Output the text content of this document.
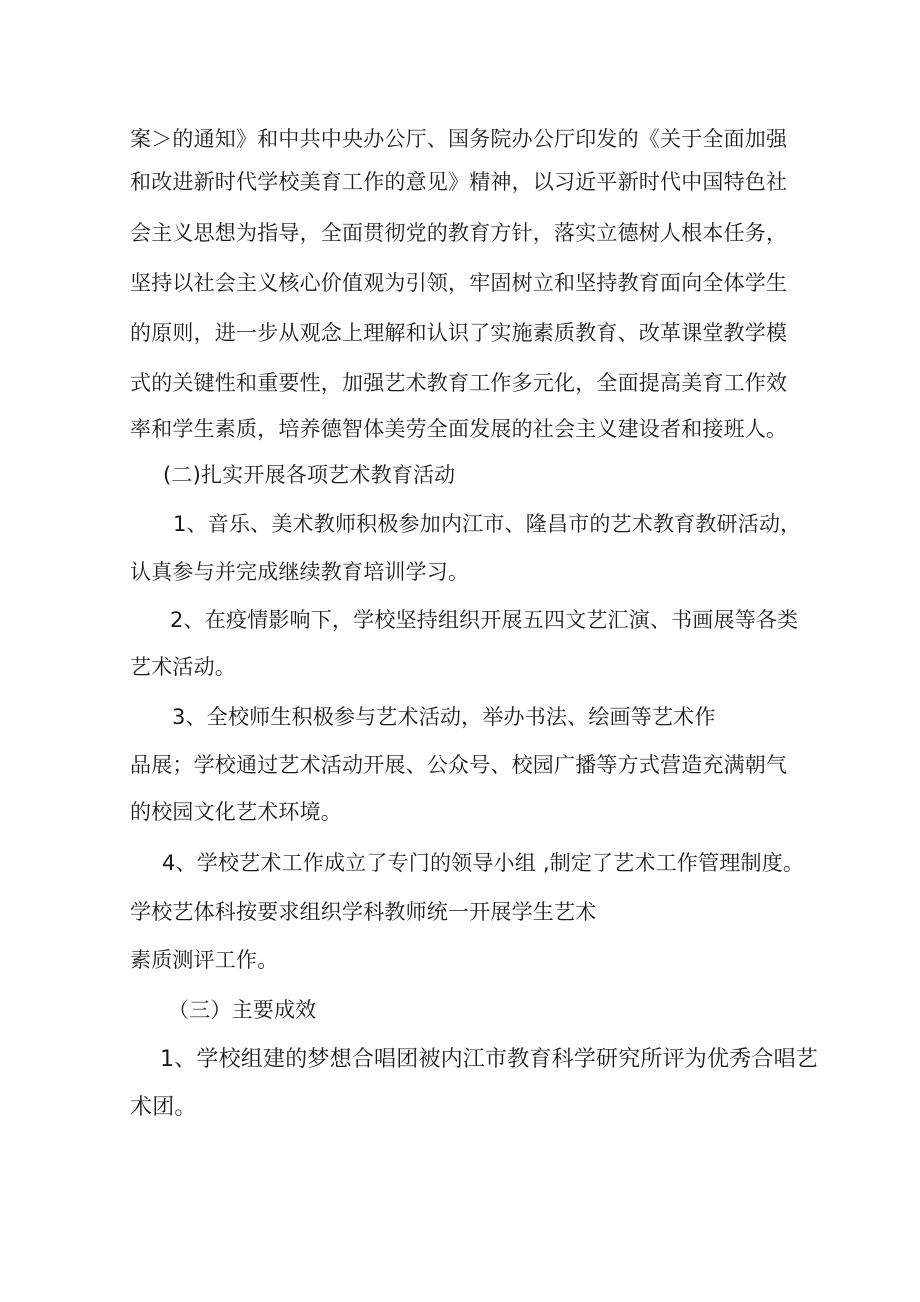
案＞的通知》和中共中央办公厅、国务院办公厅印发的《关于全面加强
和改进新时代学校美育工作的意见》精神，以习近平新时代中国特色社
会主义思想为指导，全面贯彻党的教育方针，落实立德树人根本任务，
坚持以社会主义核心价值观为引领，牢固树立和坚持教育面向全体学生
的原则，进一步从观念上理解和认识了实施素质教育、改革课堂教学模
式的关键性和重要性，加强艺术教育工作多元化，全面提高美育工作效
率和学生素质，培养德智体美劳全面发展的社会主义建设者和接班人。
(二)扎实开展各项艺术教育活动
1、音乐、美术教师积极参加内江市、隆昌市的艺术教育教研活动，
认真参与并完成继续教育培训学习。
2、在疫情影响下，学校坚持组织开展五四文艺汇演、书画展等各类
艺术活动。
3、全校师生积极参与艺术活动，举办书法、绘画等艺术作
品展；学校通过艺术活动开展、公众号、校园广播等方式营造充满朝气
的校园文化艺术环境。
4、学校艺术工作成立了专门的领导小组 ,制定了艺术工作管理制度。
学校艺体科按要求组织学科教师统一开展学生艺术
素质测评工作。
（三）主要成效
1、学校组建的梦想合唱团被内江市教育科学研究所评为优秀合唱艺
术团。
